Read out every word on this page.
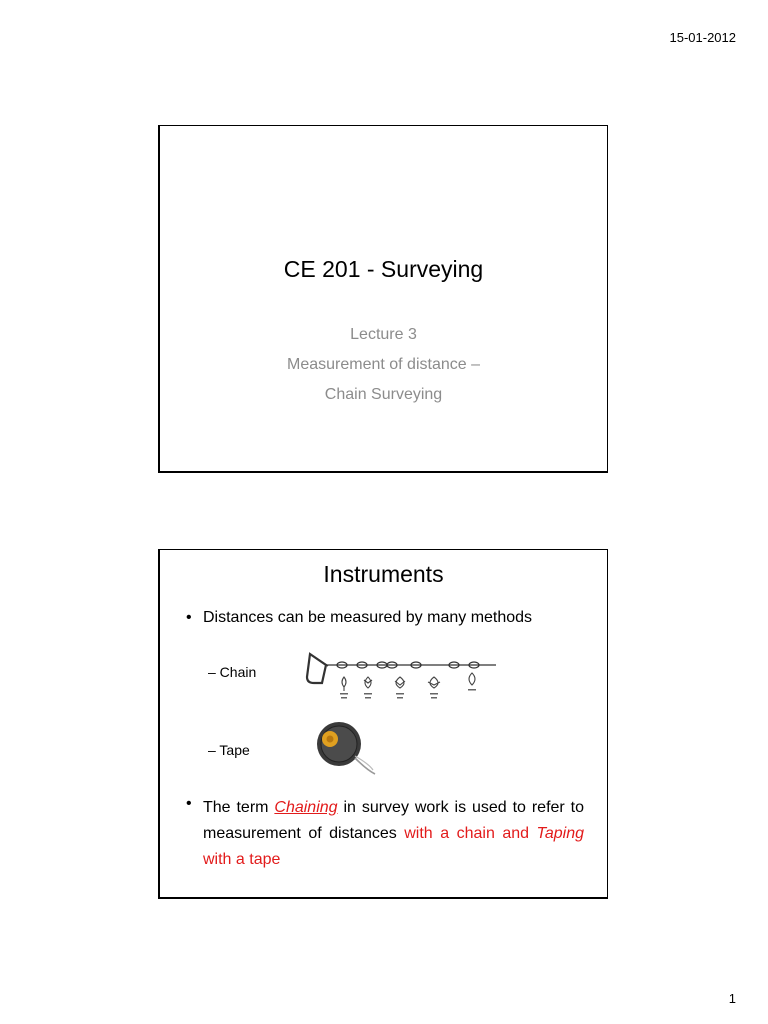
15-01-2012
CE 201 - Surveying
Lecture 3
Measurement of distance –
Chain Surveying
Instruments
• Distances can be measured by many methods
– Chain
– Tape
• The term Chaining in survey work is used to refer to measurement of distances with a chain and Taping with a tape
1
